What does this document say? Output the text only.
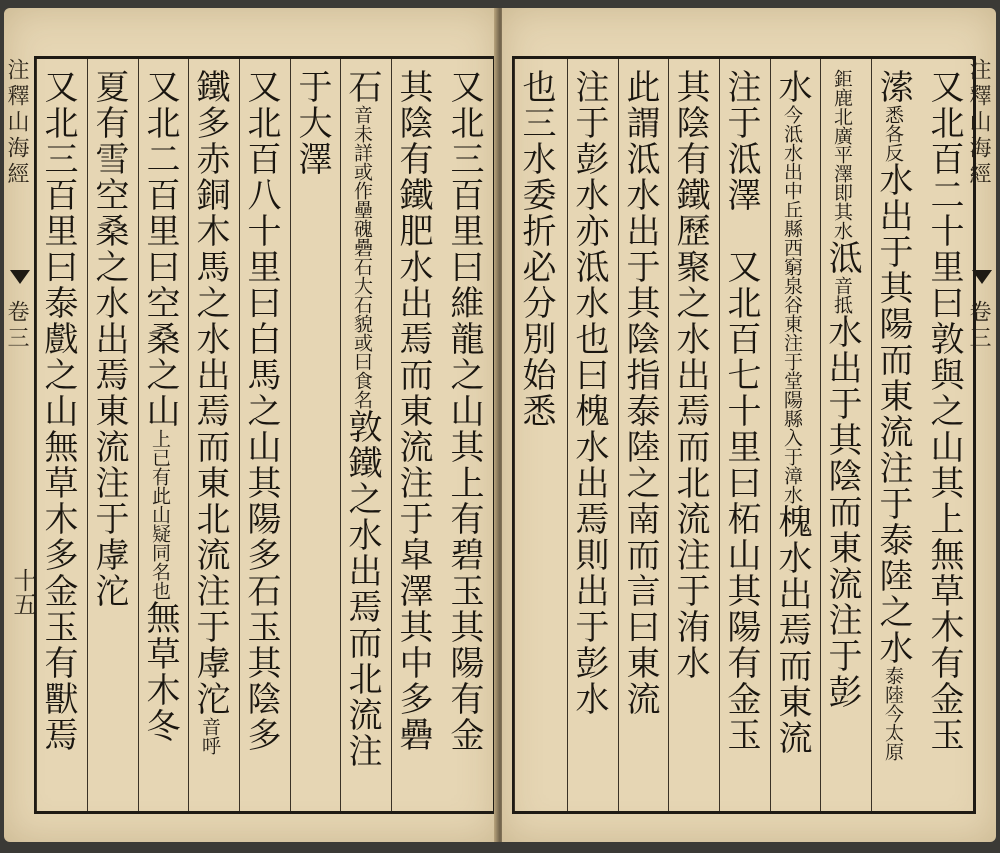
注釋山海經
卷三
十五	又北三百里曰維龍之山其上有碧玉其陽有金
其陰有鐵肥水出焉而東流注于皐澤其中多礨
石音未詳或作壘磈礨石大石貌或曰食名敦鐵之水出焉而北流注
于大澤
又北百八十里曰白馬之山其陽多石玉其陰多
鐵多赤銅木馬之水出焉而東北流注于虖沱音呼
又北二百里曰空桑之山上已有此山疑同名也無草木冬
夏有雪空桑之水出焉東流注于虖沱
又北三百里曰泰戲之山無草木多金玉有獸焉	注釋山海經
卷三
又北百二十里曰敦與之山其上無草木有金玉
溹悉各反水出于其陽而東流注于泰陸之水泰陸今太原
鉅鹿北廣平澤即其水泜音抵水出于其陰而東流注于彭
水今泜水出中丘縣西窮泉谷東注于堂陽縣入于漳水槐水出焉而東流
注于泜澤　又北百七十里曰柘山其陽有金玉
其陰有鐵歷聚之水出焉而北流注于洧水
此謂泜水出于其陰指泰陸之南而言曰東流
注于彭水亦泜水也曰槐水出焉則出于彭水
也三水委折必分別始悉
